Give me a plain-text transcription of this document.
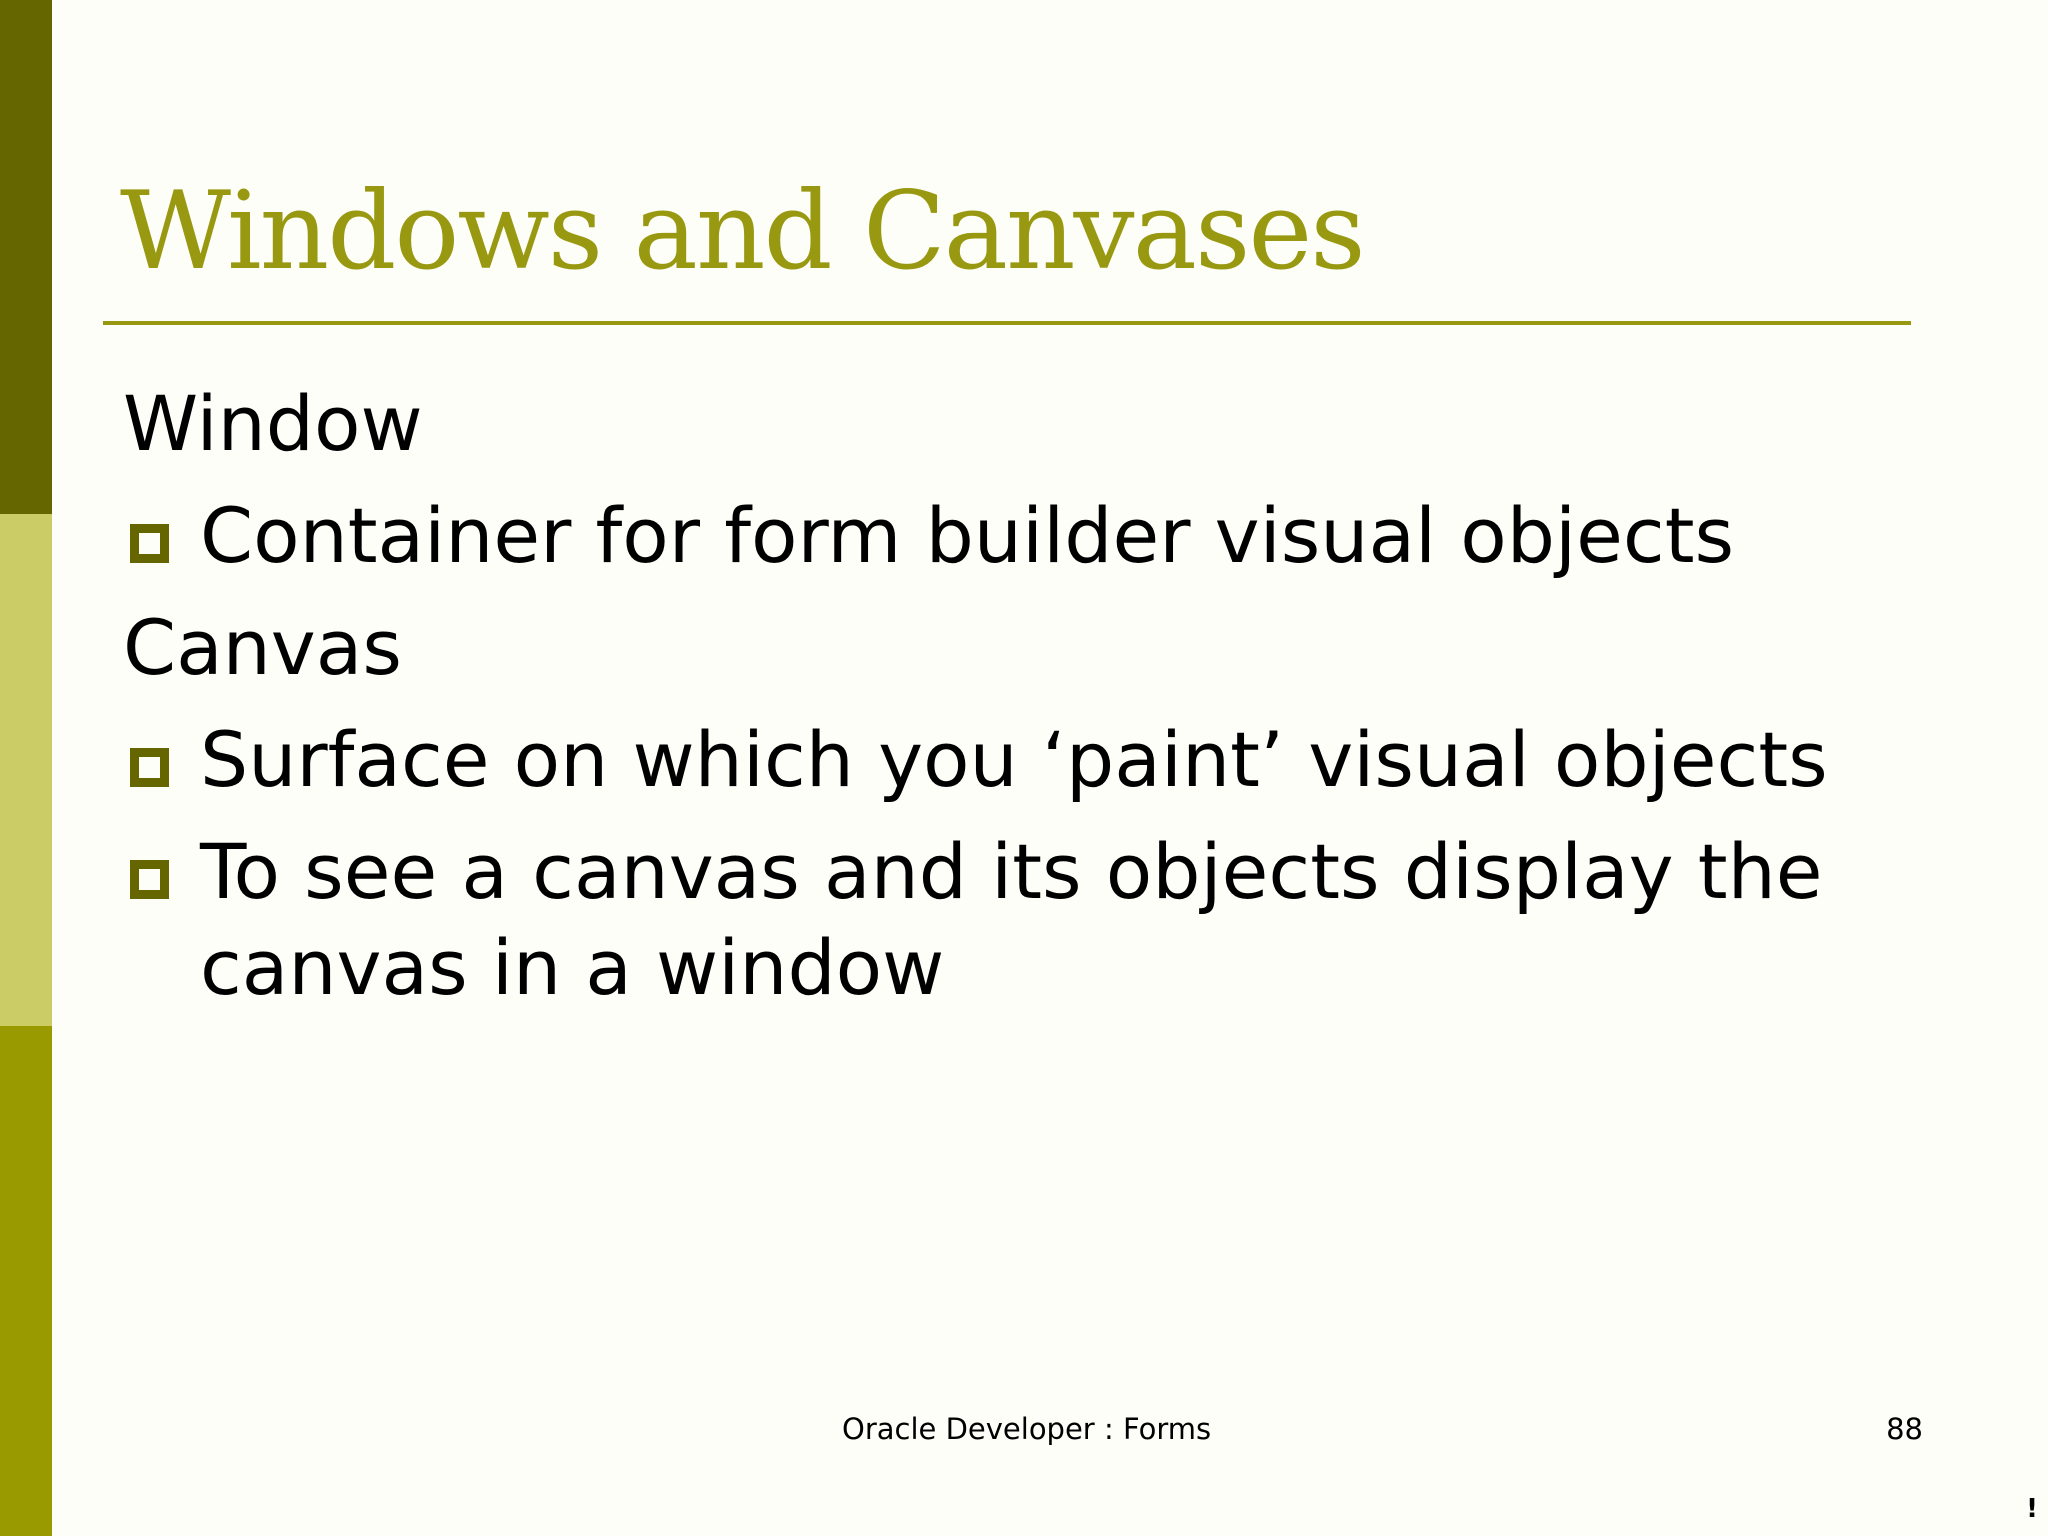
Windows and Canvases
Window
Container for form builder visual objects
Canvas
Surface on which you ‘paint’ visual objects
To see a canvas and its objects display the canvas in a window
Oracle Developer : Forms	88
!
